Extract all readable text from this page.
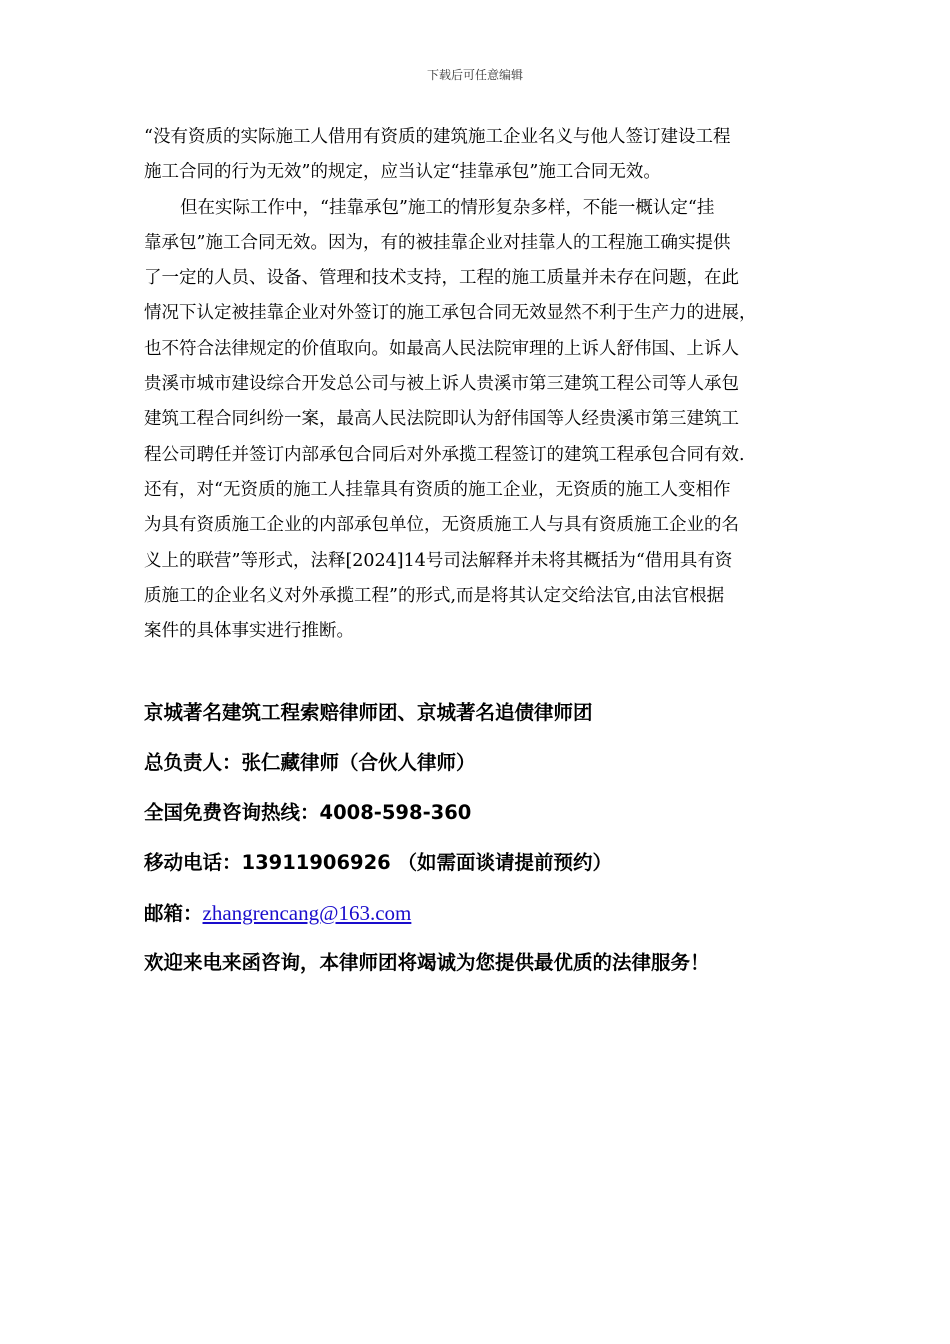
下载后可任意编辑
“没有资质的实际施工人借用有资质的建筑施工企业名义与他人签订建设工程
施工合同的行为无效”的规定，应当认定“挂靠承包”施工合同无效。
但在实际工作中，“挂靠承包”施工的情形复杂多样，不能一概认定“挂
靠承包”施工合同无效。因为，有的被挂靠企业对挂靠人的工程施工确实提供
了一定的人员、设备、管理和技术支持，工程的施工质量并未存在问题，在此
情况下认定被挂靠企业对外签订的施工承包合同无效显然不利于生产力的进展，
也不符合法律规定的价值取向。如最高人民法院审理的上诉人舒伟国、上诉人
贵溪市城市建设综合开发总公司与被上诉人贵溪市第三建筑工程公司等人承包
建筑工程合同纠纷一案，最高人民法院即认为舒伟国等人经贵溪市第三建筑工
程公司聘任并签订内部承包合同后对外承揽工程签订的建筑工程承包合同有效.
还有，对“无资质的施工人挂靠具有资质的施工企业，无资质的施工人变相作
为具有资质施工企业的内部承包单位，无资质施工人与具有资质施工企业的名
义上的联营”等形式，法释[2024]14号司法解释并未将其概括为“借用具有资
质施工的企业名义对外承揽工程”的形式,而是将其认定交给法官,由法官根据
案件的具体事实进行推断。
京城著名建筑工程索赔律师团、京城著名追债律师团
总负责人：张仁藏律师（合伙人律师）
全国免费咨询热线：4008-598-360
移动电话：13911906926 （如需面谈请提前预约）
邮箱：zhangrencang@163.com
欢迎来电来函咨询，本律师团将竭诚为您提供最优质的法律服务！
